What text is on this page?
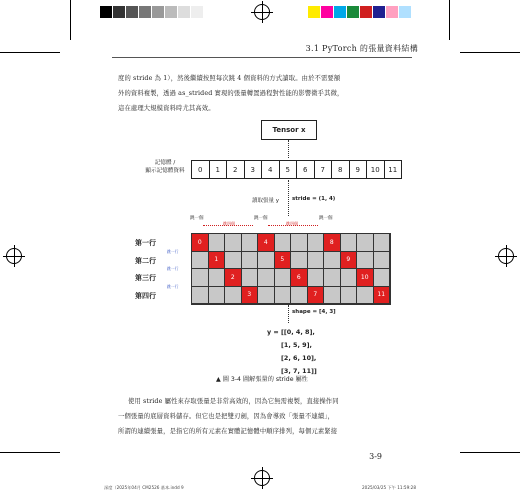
3.1 PyTorch 的張量資料結構
度的 stride 為 1），然後繼續按照每次跳 4 個資料的方式讀取。由於不需要額
外的資料複製，透過 as_strided 實現的張量轉置過程對性能的影響微乎其微，
這在處理大規模資料時尤其高效。
Tensor x
記憶體 /
顯示記憶體資料	0	1	2	3	4	5	6	7	8	9	10	11
讀取張量 y stride = (1, 4)
跳一個
跳四個
跳一個
跳四個
跳一個
第一行
第二行
第三行
第四行
跳一行
跳一行
跳一行
0	4	8
1	5	9
2	6	10
3	7	11
shape = [4, 3]
y = [[0, 4, 8],
[1, 5, 9],
[2, 6, 10],
[3, 7, 11]]
▲ 圖 3-4 圖解張量的 stride 屬性
使用 stride 屬性來存取張量是非常高效的，因為它無需複製，直接操作同
一個張量的底層資料儲存。但它也是把雙刃劍，因為會導致「張量不連續」，
所謂的連續張量，是指它的所有元素在實體記憶體中順序排列，每個元素緊接
3-9
深度（2025年04月 CM2526 基本.indd 9	2025/03/25 下午 11:59:28
